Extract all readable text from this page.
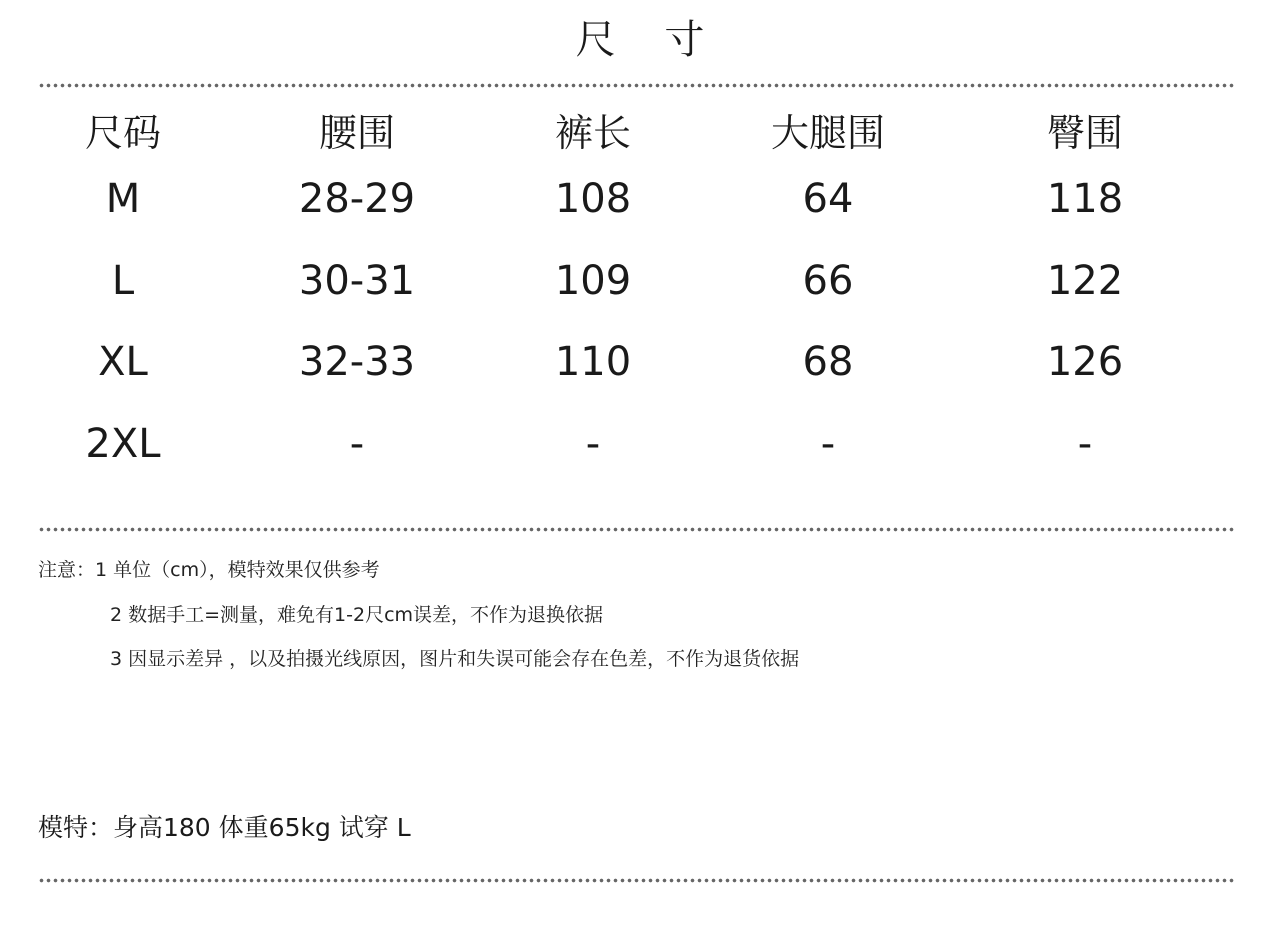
尺 寸
尺码	腰围	裤长	大腿围	臀围
M	28-29	108	64	118
L	30-31	109	66	122
XL	32-33	110	68	126
2XL	-	-	-	-
注意：1 单位（cm），模特效果仅供参考
2 数据手工=测量，难免有1-2尺cm误差，不作为退换依据
3 因显示差异 ，以及拍摄光线原因，图片和失误可能会存在色差，不作为退货依据
模特：身高180 体重65kg 试穿 L
